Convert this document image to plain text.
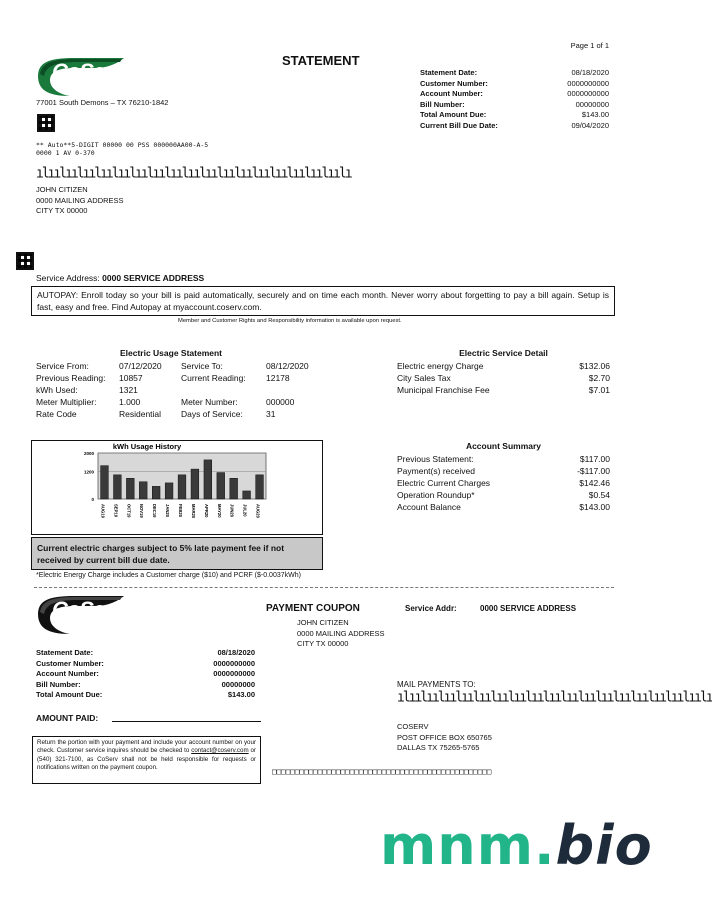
Page 1 of 1
CoServ	STATEMENT
Statement Date:	08/18/2020
Customer Number:	0000000000
Account Number:	0000000000
Bill Number:	00000000
Total Amount Due:	$143.00
Current Bill Due Date:	09/04/2020
77001 South Demons – TX 76210-1842
** Auto**5-DIGIT 00000 00 PSS 000000AA00-A-5
0000 1 AV 0-370
ılıılıılıılıılıılıılıılıılıılıılıılıılıılıılıılıılıılı
JOHN CITIZEN
0000 MAILING ADDRESS
CITY TX 00000
Service Address: 0000 SERVICE ADDRESS
AUTOPAY: Enroll today so your bill is paid automatically, securely and on time each month. Never worry about forgetting to pay a bill again. Setup is fast, easy and free. Find Autopay at myaccount.coserv.com.
Member and Customer Rights and Responsibility information is available upon request.
Electric Usage Statement
Service From:	07/12/2020	Service To:	08/12/2020
Previous Reading:	10857	Current Reading:	12178
kWh Used:	1321
Meter Multiplier:	1.000	Meter Number:	000000
Rate Code	Residential	Days of Service:	31
Electric Service Detail
Electric energy Charge	$132.06
City Sales Tax	$2.70
Municipal Franchise Fee	$7.01
kWh Usage History
2000
1200
0
AUG19 SEP19 OCT19 NOV19 DEC19 JAN20 FEB20 MAR20 APR20 MAY20 JUN20 JUL20 AUG20
Current electric charges subject to 5% late payment fee if not received by current bill due date.
*Electric Energy Charge includes a Customer charge ($10) and PCRF ($-0.0037kWh)
Account Summary
Previous Statement:	$117.00
Payment(s) received	-$117.00
Electric Current Charges	$142.46
Operation Roundup*	$0.54
Account Balance	$143.00
CoServ	PAYMENT COUPON	Service Addr:	0000 SERVICE ADDRESS
JOHN CITIZEN
0000 MAILING ADDRESS
CITY TX 00000
Statement Date:	08/18/2020
Customer Number:	0000000000
Account Number:	0000000000
Bill Number:	00000000
Total Amount Due:	$143.00
AMOUNT PAID:
Return the portion with your payment and include your account number on your check. Customer service inquires should be checked to contact@coserv.com or (540) 321-7100, as CoServ shall not be held responsible for requests or notifications written on the payment coupon.
MAIL PAYMENTS TO:
ılıılıılıılıılıılıılıılıılıılıılıılıılıılıılıılıılıılı
COSERV
POST OFFICE BOX 650765
DALLAS TX 75265-5765
□□□□□□□□□□□□□□□□□□□□□□□□□□□□□□□□□□□□□□□□□□□□□□□□
mnm.bio
